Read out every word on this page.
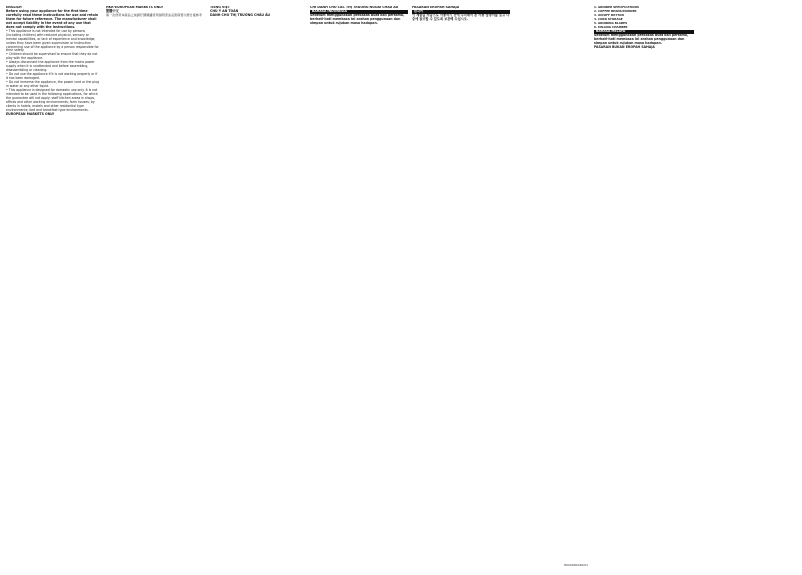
ENGLISH

Before using your appliance for the first time carefully read these instructions for use and retain them for future reference. The manufacturer shall not accept liability in the event of any use that does not comply with the instructions.

• This appliance is not intended for use by persons (including children) with reduced physical, sensory or mental capabilities, or lack of experience and knowledge, unless they have been given supervision or instruction concerning use of the appliance by a person responsible for their safety.

• Children should be supervised to ensure that they do not play with the appliance.

• Always disconnect the appliance from the mains power supply when it is unattended and before assembling, disassembling or cleaning.

• Do not use the appliance if it is not working properly or if it has been damaged.

• Do not immerse the appliance, the power cord or the plug in water or any other liquid.

• This appliance is designed for domestic use only. It is not intended to be used in the following applications, for which the guarantee will not apply: staff kitchen areas in shops, offices and other working environments; farm houses; by clients in hotels, motels and other residential type environments; bed and breakfast type environments.

EUROPEAN MARKETS ONLY

HKR-EUROPEAN MARKETS ONLY

繁體中文

第一次使用本產品之前請仔細閱讀使用說明書並妥善保管以便日後參考

TIẾNG VIỆT

CHÚ Ý AN TOÀN

DÀNH CHO THỊ TRƯỜNG CHÂU ÂU

CHỈ DÀNH CHO CÁC THỊ TRƯỜNG NGOÀI CHÂU ÂU

BAHASA INDONESIA

Sebelum menggunakan perkakas buat kali pertama, berhati-hati membaca ini arahan penggunaan dan simpan untuk rujukan masa hadapan.

PASARAN EROPAH SAHAJA

한국어

이 제품을 처음으로 사용하기 전에 주의해서 본 사용 설명서를 읽고 나중에 참조할 수 있도록 보관해 두십시오.

1. GRINDER SPECIFICATIONS

2. COFFEE BEANS/POWDER

3. ON/OFF BUTTON

4. CORD STORAGE

5. GRINDING BLADES

6. MILLING CHAMBER

BAHASA MELAYU

Sebelum menggunakan perkakas buat kali pertama, berhati-hati membaca ini arahan penggunaan dan simpan untuk rujukan masa hadapan.

PASARAN BUKAN EROPAH SAHAJA

8020000046/01
